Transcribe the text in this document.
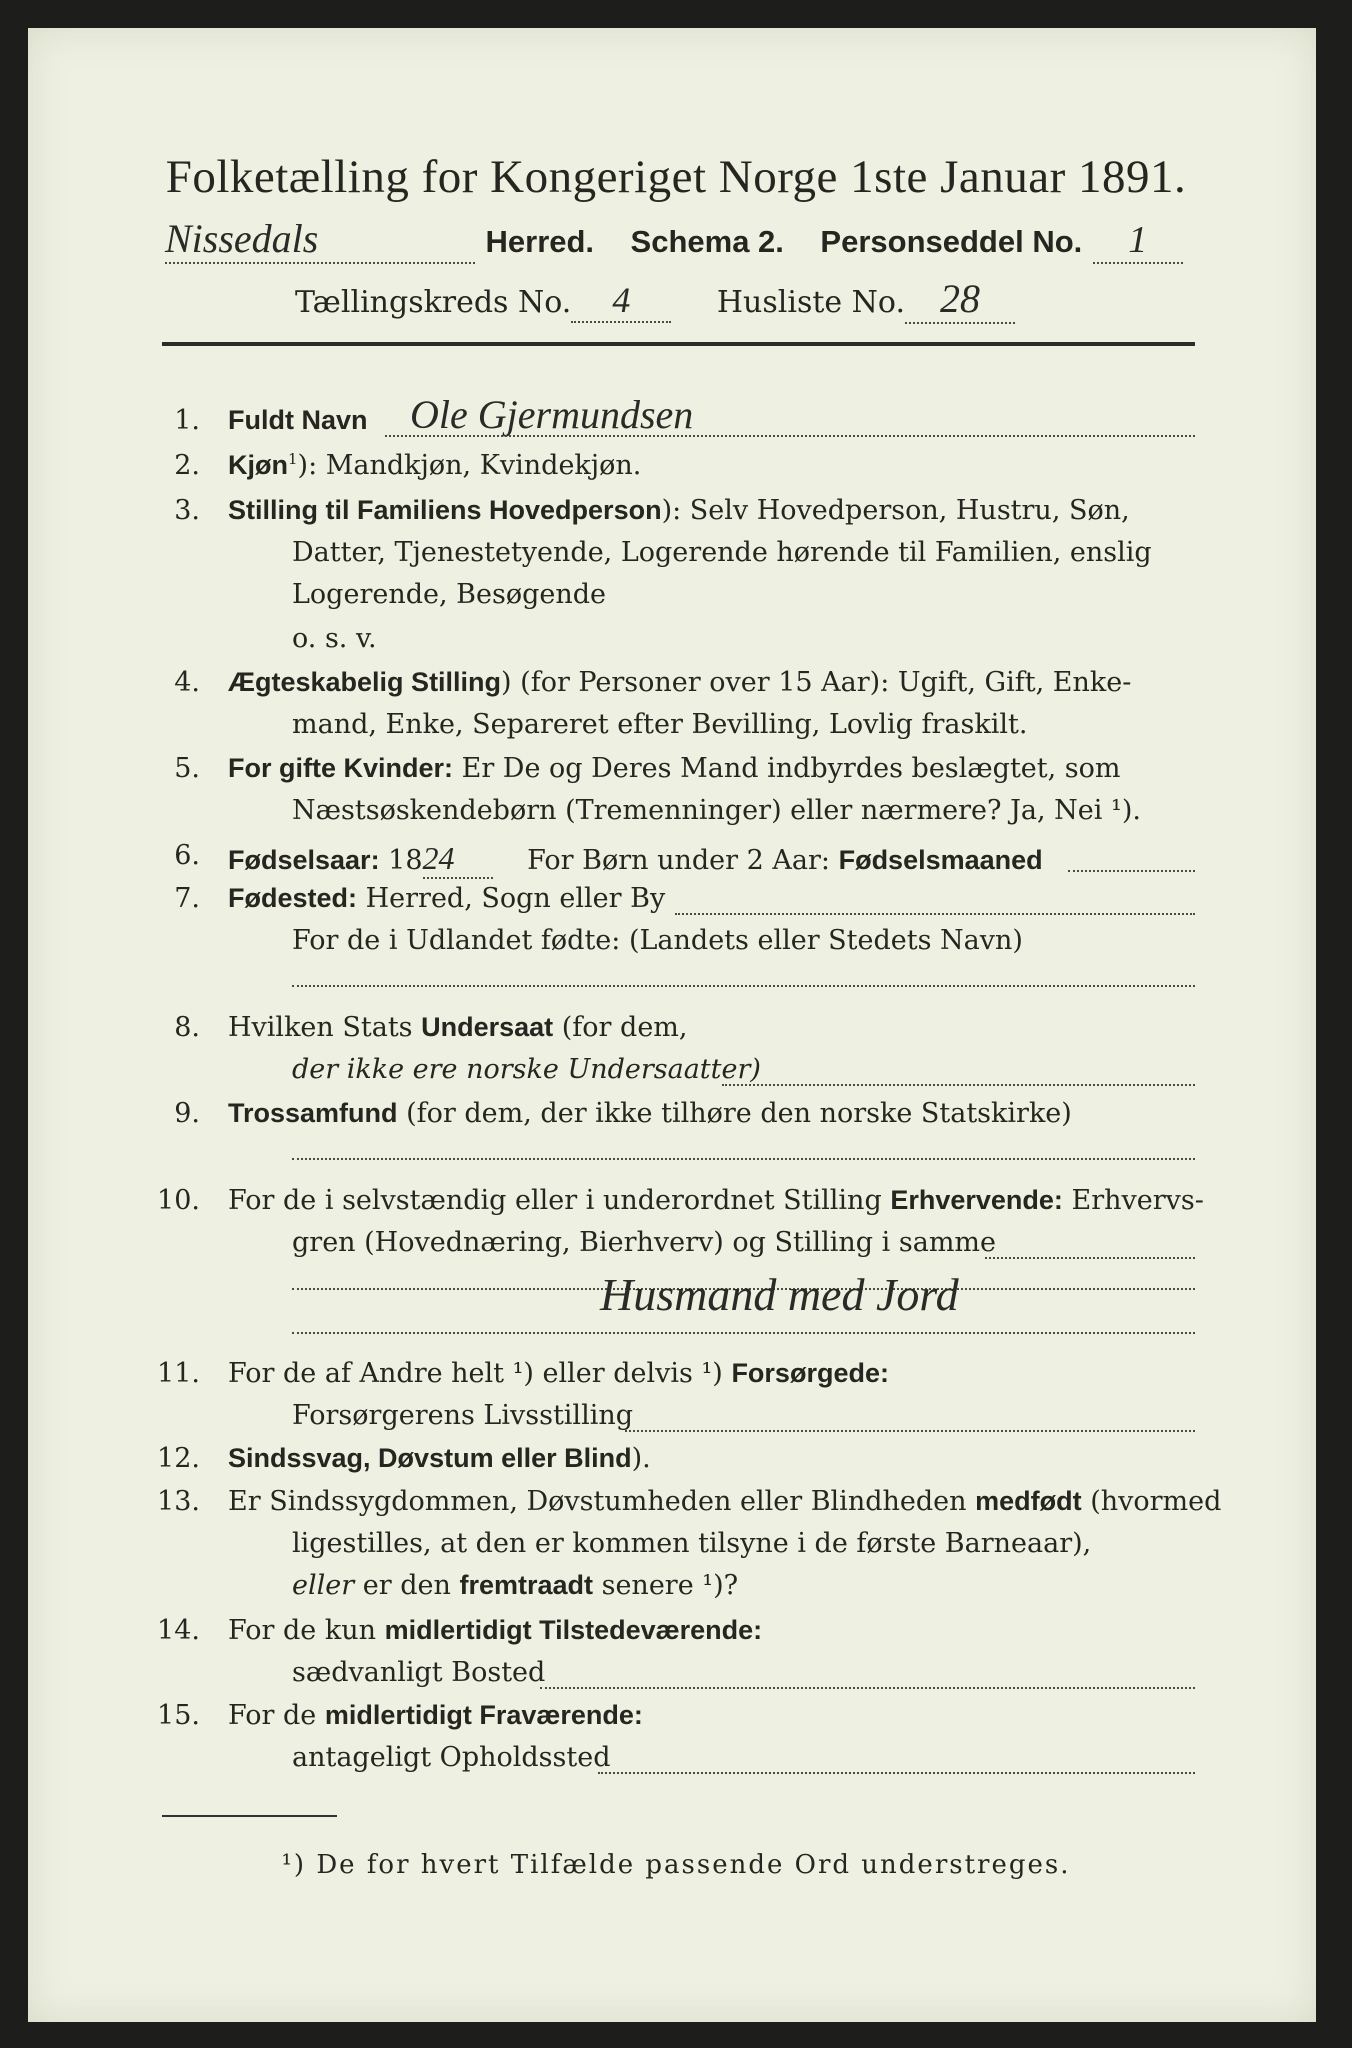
Folketælling for Kongeriget Norge 1ste Januar 1891.
Nissedals	Herred. Schema 2. Personseddel No. 1
Tællingskreds No. 4	Husliste No. 28
1. Fuldt Navn Ole Gjermundsen
2. Kjøn$^1$): Mandkjøn, Kvindekjøn.
3. Stilling til Familiens Hovedperson): Selv Hovedperson, Hustru, Søn,
Datter, Tjenestetyende, Logerende hørende til Familien, enslig
Logerende, Besøgende
o. s. v.
4. Ægteskabelig Stilling) (for Personer over 15 Aar): Ugift, Gift, Enke-
mand, Enke, Separeret efter Bevilling, Lovlig fraskilt.
5. For gifte Kvinder: Er De og Deres Mand indbyrdes beslægtet, som
Næstsøskendebørn (Tremenninger) eller nærmere? Ja, Nei ¹).
6. Fødselsaar: 1824	For Børn under 2 Aar: Fødselsmaaned
7. Fødested: Herred, Sogn eller By
For de i Udlandet fødte: (Landets eller Stedets Navn)
8. Hvilken Stats Undersaat (for dem,
der ikke ere norske Undersaatter)
9. Trossamfund (for dem, der ikke tilhøre den norske Statskirke)
10. For de i selvstændig eller i underordnet Stilling Erhvervende: Erhvervs-
gren (Hovednæring, Bierhverv) og Stilling i samme
Husmand med Jord
11. For de af Andre helt ¹) eller delvis ¹) Forsørgede:
Forsørgerens Livsstilling
12. Sindssvag, Døvstum eller Blind).
13. Er Sindssygdommen, Døvstumheden eller Blindheden medfødt (hvormed
ligestilles, at den er kommen tilsyne i de første Barneaar),
eller er den fremtraadt senere ¹)?
14. For de kun midlertidigt Tilstedeværende:
sædvanligt Bosted
15. For de midlertidigt Fraværende:
antageligt Opholdssted
¹) De for hvert Tilfælde passende Ord understreges.
